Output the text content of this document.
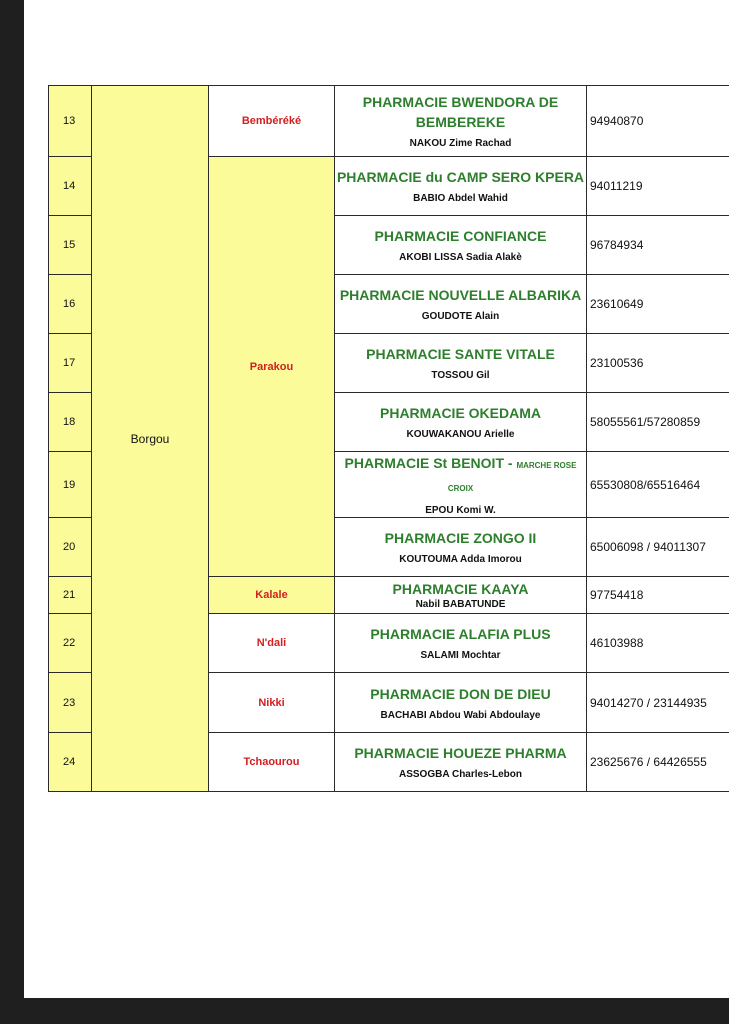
13	Borgou	Bembéréké	PHARMACIE BWENDORA DE BEMBEREKE
NAKOU Zime Rachad	94940870
14		Parakou	PHARMACIE du CAMP SERO KPERA
BABIO Abdel Wahid	94011219
15			PHARMACIE CONFIANCE
AKOBI LISSA Sadia Alakè	96784934
16			PHARMACIE NOUVELLE ALBARIKA
GOUDOTE Alain	23610649
17			PHARMACIE SANTE VITALE
TOSSOU Gil	23100536
18			PHARMACIE OKEDAMA
KOUWAKANOU Arielle	58055561/57280859
19			PHARMACIE St BENOIT - MARCHE ROSE CROIX
EPOU Komi W.	65530808/65516464
20			PHARMACIE ZONGO II
KOUTOUMA Adda Imorou	65006098 / 94011307
21		Kalale	PHARMACIE KAAYA
Nabil BABATUNDE	97754418
22		N'dali	PHARMACIE ALAFIA PLUS
SALAMI Mochtar	46103988
23		Nikki	PHARMACIE DON DE DIEU
BACHABI Abdou Wabi Abdoulaye	94014270 / 23144935
24		Tchaourou	PHARMACIE HOUEZE PHARMA
ASSOGBA Charles-Lebon	23625676 / 64426555
